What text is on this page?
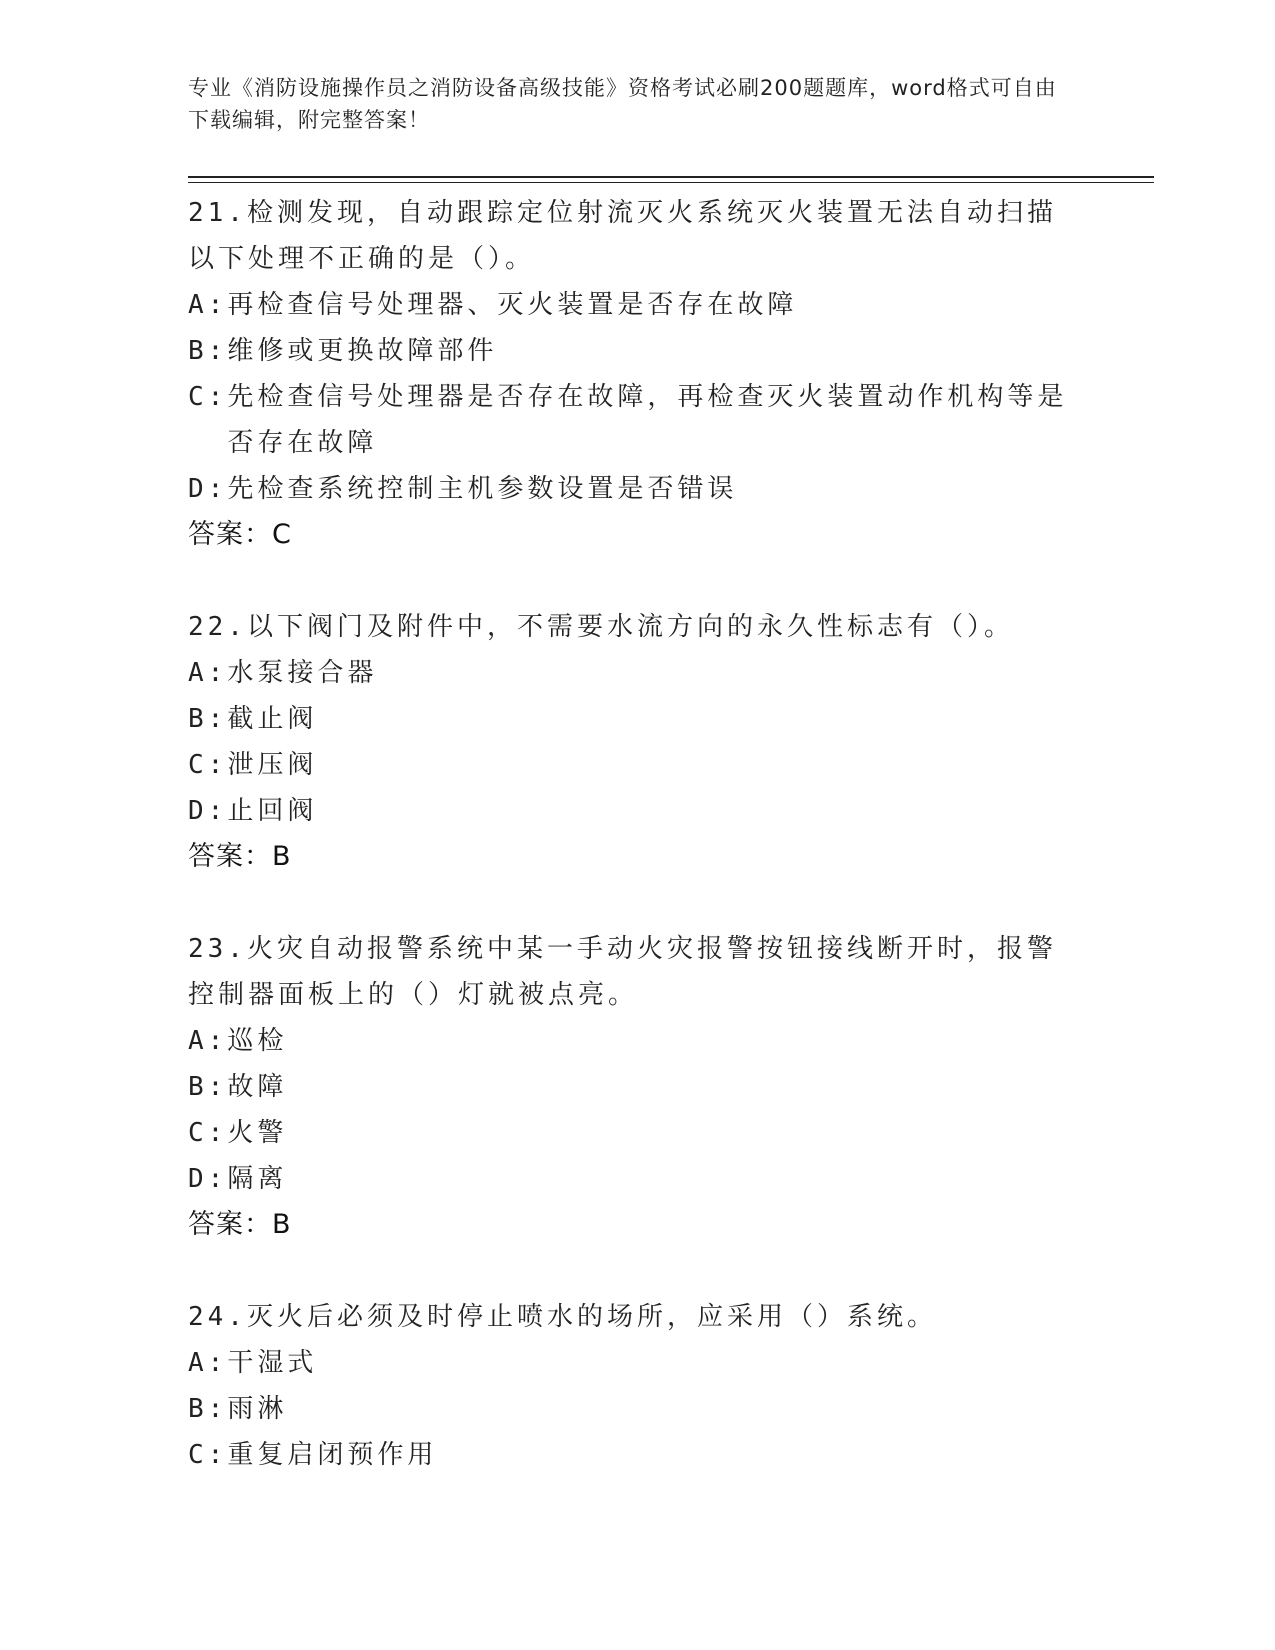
专业《消防设施操作员之消防设备高级技能》资格考试必刷200题题库，word格式可自由下载编辑，附完整答案！
21.检测发现，自动跟踪定位射流灭火系统灭火装置无法自动扫描以下处理不正确的是（）。
A: 再检查信号处理器、灭火装置是否存在故障
B: 维修或更换故障部件
C: 先检查信号处理器是否存在故障，再检查灭火装置动作机构等是否存在故障
D: 先检查系统控制主机参数设置是否错误
答案：C
22.以下阀门及附件中，不需要水流方向的永久性标志有（）。
A: 水泵接合器
B: 截止阀
C: 泄压阀
D: 止回阀
答案：B
23.火灾自动报警系统中某一手动火灾报警按钮接线断开时，报警控制器面板上的（）灯就被点亮。
A: 巡检
B: 故障
C: 火警
D: 隔离
答案：B
24.灭火后必须及时停止喷水的场所，应采用（）系统。
A: 干湿式
B: 雨淋
C: 重复启闭预作用
